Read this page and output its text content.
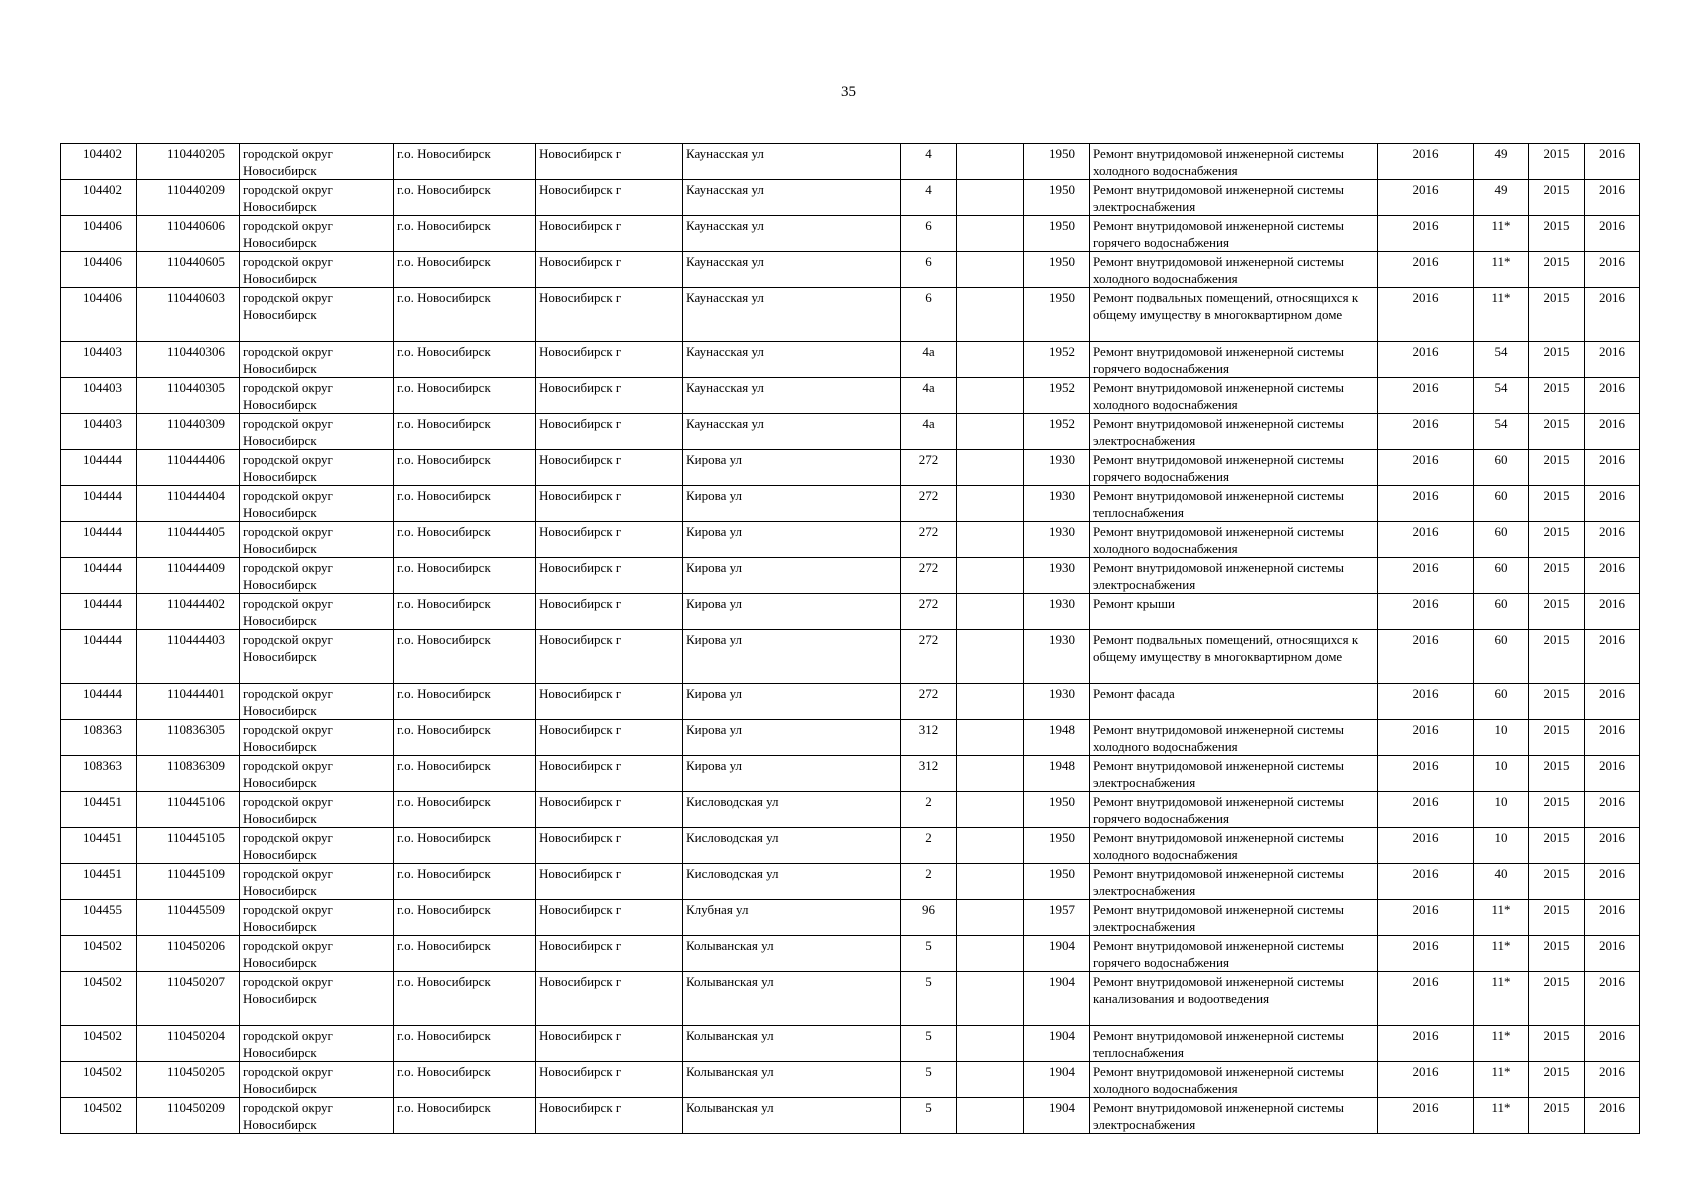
35
104402	110440205	городской округ Новосибирск	г.о. Новосибирск	Новосибирск г	Каунасская ул	4		1950	Ремонт внутридомовой инженерной системы холодного водоснабжения	2016	49	2015	2016
104402	110440209	городской округ Новосибирск	г.о. Новосибирск	Новосибирск г	Каунасская ул	4		1950	Ремонт внутридомовой инженерной системы электроснабжения	2016	49	2015	2016
104406	110440606	городской округ Новосибирск	г.о. Новосибирск	Новосибирск г	Каунасская ул	6		1950	Ремонт внутридомовой инженерной системы горячего водоснабжения	2016	11*	2015	2016
104406	110440605	городской округ Новосибирск	г.о. Новосибирск	Новосибирск г	Каунасская ул	6		1950	Ремонт внутридомовой инженерной системы холодного водоснабжения	2016	11*	2015	2016
104406	110440603	городской округ Новосибирск	г.о. Новосибирск	Новосибирск г	Каунасская ул	6		1950	Ремонт подвальных помещений, относящихся к общему имуществу в многоквартирном доме	2016	11*	2015	2016
104403	110440306	городской округ Новосибирск	г.о. Новосибирск	Новосибирск г	Каунасская ул	4а		1952	Ремонт внутридомовой инженерной системы горячего водоснабжения	2016	54	2015	2016
104403	110440305	городской округ Новосибирск	г.о. Новосибирск	Новосибирск г	Каунасская ул	4а		1952	Ремонт внутридомовой инженерной системы холодного водоснабжения	2016	54	2015	2016
104403	110440309	городской округ Новосибирск	г.о. Новосибирск	Новосибирск г	Каунасская ул	4а		1952	Ремонт внутридомовой инженерной системы электроснабжения	2016	54	2015	2016
104444	110444406	городской округ Новосибирск	г.о. Новосибирск	Новосибирск г	Кирова ул	272		1930	Ремонт внутридомовой инженерной системы горячего водоснабжения	2016	60	2015	2016
104444	110444404	городской округ Новосибирск	г.о. Новосибирск	Новосибирск г	Кирова ул	272		1930	Ремонт внутридомовой инженерной системы теплоснабжения	2016	60	2015	2016
104444	110444405	городской округ Новосибирск	г.о. Новосибирск	Новосибирск г	Кирова ул	272		1930	Ремонт внутридомовой инженерной системы холодного водоснабжения	2016	60	2015	2016
104444	110444409	городской округ Новосибирск	г.о. Новосибирск	Новосибирск г	Кирова ул	272		1930	Ремонт внутридомовой инженерной системы электроснабжения	2016	60	2015	2016
104444	110444402	городской округ Новосибирск	г.о. Новосибирск	Новосибирск г	Кирова ул	272		1930	Ремонт крыши	2016	60	2015	2016
104444	110444403	городской округ Новосибирск	г.о. Новосибирск	Новосибирск г	Кирова ул	272		1930	Ремонт подвальных помещений, относящихся к общему имуществу в многоквартирном доме	2016	60	2015	2016
104444	110444401	городской округ Новосибирск	г.о. Новосибирск	Новосибирск г	Кирова ул	272		1930	Ремонт фасада	2016	60	2015	2016
108363	110836305	городской округ Новосибирск	г.о. Новосибирск	Новосибирск г	Кирова ул	312		1948	Ремонт внутридомовой инженерной системы холодного водоснабжения	2016	10	2015	2016
108363	110836309	городской округ Новосибирск	г.о. Новосибирск	Новосибирск г	Кирова ул	312		1948	Ремонт внутридомовой инженерной системы электроснабжения	2016	10	2015	2016
104451	110445106	городской округ Новосибирск	г.о. Новосибирск	Новосибирск г	Кисловодская ул	2		1950	Ремонт внутридомовой инженерной системы горячего водоснабжения	2016	10	2015	2016
104451	110445105	городской округ Новосибирск	г.о. Новосибирск	Новосибирск г	Кисловодская ул	2		1950	Ремонт внутридомовой инженерной системы холодного водоснабжения	2016	10	2015	2016
104451	110445109	городской округ Новосибирск	г.о. Новосибирск	Новосибирск г	Кисловодская ул	2		1950	Ремонт внутридомовой инженерной системы электроснабжения	2016	40	2015	2016
104455	110445509	городской округ Новосибирск	г.о. Новосибирск	Новосибирск г	Клубная ул	96		1957	Ремонт внутридомовой инженерной системы электроснабжения	2016	11*	2015	2016
104502	110450206	городской округ Новосибирск	г.о. Новосибирск	Новосибирск г	Колыванская ул	5		1904	Ремонт внутридомовой инженерной системы горячего водоснабжения	2016	11*	2015	2016
104502	110450207	городской округ Новосибирск	г.о. Новосибирск	Новосибирск г	Колыванская ул	5		1904	Ремонт внутридомовой инженерной системы канализования и водоотведения	2016	11*	2015	2016
104502	110450204	городской округ Новосибирск	г.о. Новосибирск	Новосибирск г	Колыванская ул	5		1904	Ремонт внутридомовой инженерной системы теплоснабжения	2016	11*	2015	2016
104502	110450205	городской округ Новосибирск	г.о. Новосибирск	Новосибирск г	Колыванская ул	5		1904	Ремонт внутридомовой инженерной системы холодного водоснабжения	2016	11*	2015	2016
104502	110450209	городской округ Новосибирск	г.о. Новосибирск	Новосибирск г	Колыванская ул	5		1904	Ремонт внутридомовой инженерной системы электроснабжения	2016	11*	2015	2016
